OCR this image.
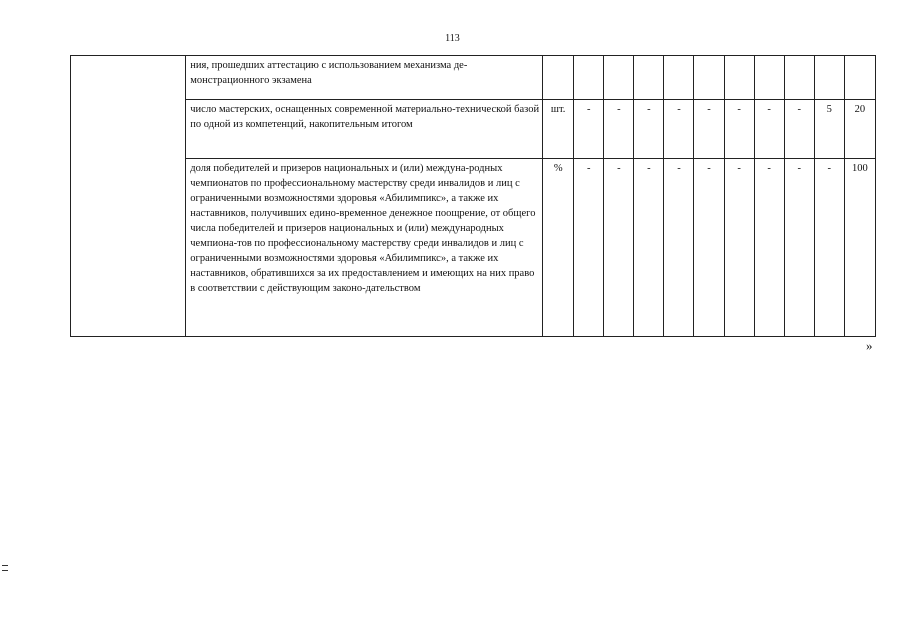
113
	ния, прошедших аттестацию с использованием механизма де-монстрационного экзамена											
	число мастерских, оснащенных современной материально-технической базой по одной из компетенций, накопительным итогом	шт.	-	-	-	-	-	-	-	-	5	20
	доля победителей и призеров национальных и (или) междуна-родных чемпионатов по профессиональному мастерству среди инвалидов и лиц с ограниченными возможностями здоровья «Абилимпикс», а также их наставников, получивших едино-временное денежное поощрение, от общего числа победителей и призеров национальных и (или) международных чемпиона-тов по профессиональному мастерству среди инвалидов и лиц с ограниченными возможностями здоровья «Абилимпикс», а также их наставников, обратившихся за их предоставлением и имеющих на них право в соответствии с действующим законо-дательством	%	-	-	-	-	-	-	-	-	-	100
»
